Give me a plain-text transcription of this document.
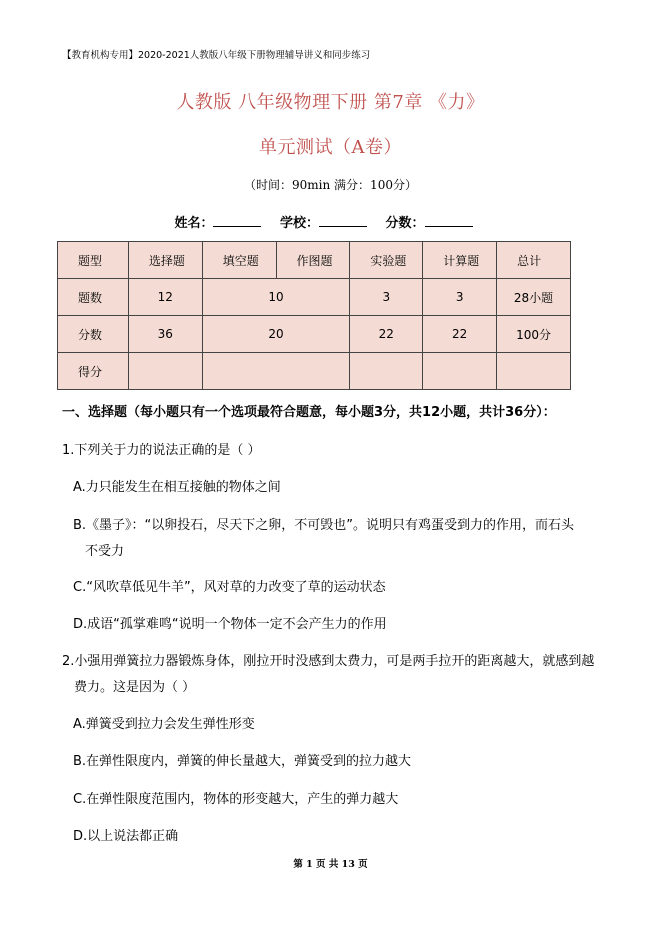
【教育机构专用】2020-2021人教版八年级下册物理辅导讲义和同步练习
人教版 八年级物理下册 第7章 《力》
单元测试（A卷）
（时间：90min 满分：100分）
姓名：	学校：	分数：
题型	选择题	填空题	作图题	实验题	计算题	总计
题数	12	10		3	3	28小题
分数	36	20		22	22	100分
得分						
一、选择题（每小题只有一个选项最符合题意，每小题3分，共12小题，共计36分）：
1.下列关于力的说法正确的是（ ）
A.力只能发生在相互接触的物体之间
B.《墨子》：“以卵投石，尽天下之卵，不可毁也”。说明只有鸡蛋受到力的作用，而石头
不受力
C.“风吹草低见牛羊”，风对草的力改变了草的运动状态
D.成语“孤掌难鸣“说明一个物体一定不会产生力的作用
2.小强用弹簧拉力器锻炼身体，刚拉开时没感到太费力，可是两手拉开的距离越大，就感到越
费力。这是因为（ ）
A.弹簧受到拉力会发生弹性形变
B.在弹性限度内，弹簧的伸长量越大，弹簧受到的拉力越大
C.在弹性限度范围内，物体的形变越大，产生的弹力越大
D.以上说法都正确
第 1 页 共 13 页
